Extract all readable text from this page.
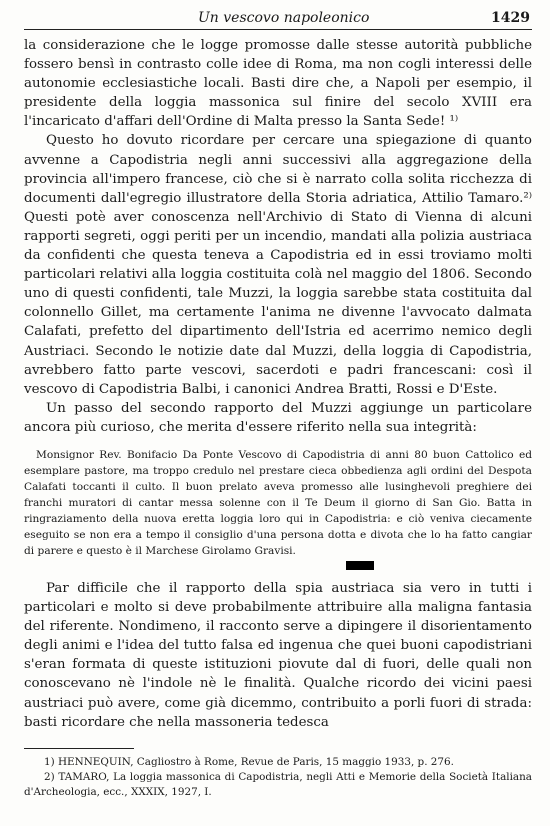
Un vescovo napoleonico	1429

la considerazione che le logge promosse dalle stesse autorità pubbliche fossero bensì in contrasto colle idee di Roma, ma non cogli interessi delle autonomie ecclesiastiche locali. Basti dire che, a Napoli per esempio, il presidente della loggia massonica sul finire del secolo XVIII era l'incaricato d'affari dell'Ordine di Malta presso la Santa Sede! ¹⁾

Questo ho dovuto ricordare per cercare una spiegazione di quanto avvenne a Capodistria negli anni successivi alla aggregazione della provincia all'impero francese, ciò che si è narrato colla solita ricchezza di documenti dall'egregio illustratore della Storia adriatica, Attilio Tamaro.²⁾ Questi potè aver conoscenza nell'Archivio di Stato di Vienna di alcuni rapporti segreti, oggi periti per un incendio, mandati alla polizia austriaca da confidenti che questa teneva a Capodistria ed in essi troviamo molti particolari relativi alla loggia costituita colà nel maggio del 1806. Secondo uno di questi confidenti, tale Muzzi, la loggia sarebbe stata costituita dal colonnello Gillet, ma certamente l'anima ne divenne l'avvocato dalmata Calafati, prefetto del dipartimento dell'Istria ed acerrimo nemico degli Austriaci. Secondo le notizie date dal Muzzi, della loggia di Capodistria, avrebbero fatto parte vescovi, sacerdoti e padri francescani: così il vescovo di Capodistria Balbi, i canonici Andrea Bratti, Rossi e D'Este.

Un passo del secondo rapporto del Muzzi aggiunge un particolare ancora più curioso, che merita d'essere riferito nella sua integrità:

Monsignor Rev. Bonifacio Da Ponte Vescovo di Capodistria di anni 80 buon Cattolico ed esemplare pastore, ma troppo credulo nel prestare cieca obbedienza agli ordini del Despota Calafati toccanti il culto. Il buon prelato aveva promesso alle lusinghevoli preghiere dei franchi muratori di cantar messa solenne con il Te Deum il giorno di San Gio. Batta in ringraziamento della nuova eretta loggia loro qui in Capodistria: e ciò veniva ciecamente eseguito se non era a tempo il consiglio d'una persona dotta e divota che lo ha fatto cangiar di parere e questo è il Marchese Girolamo Gravisi.

Par difficile che il rapporto della spia austriaca sia vero in tutti i particolari e molto si deve probabilmente attribuire alla maligna fantasia del riferente. Nondimeno, il racconto serve a dipingere il disorientamento degli animi e l'idea del tutto falsa ed ingenua che quei buoni capodistriani s'eran formata di queste istituzioni piovute dal di fuori, delle quali non conoscevano nè l'indole nè le finalità. Qualche ricordo dei vicini paesi austriaci può avere, come già dicemmo, contribuito a porli fuori di strada: basti ricordare che nella massoneria tedesca

1) HENNEQUIN, Cagliostro à Rome, Revue de Paris, 15 maggio 1933, p. 276.

2) TAMARO, La loggia massonica di Capodistria, negli Atti e Memorie della Società Italiana d'Archeologia, ecc., XXXIX, 1927, I.
